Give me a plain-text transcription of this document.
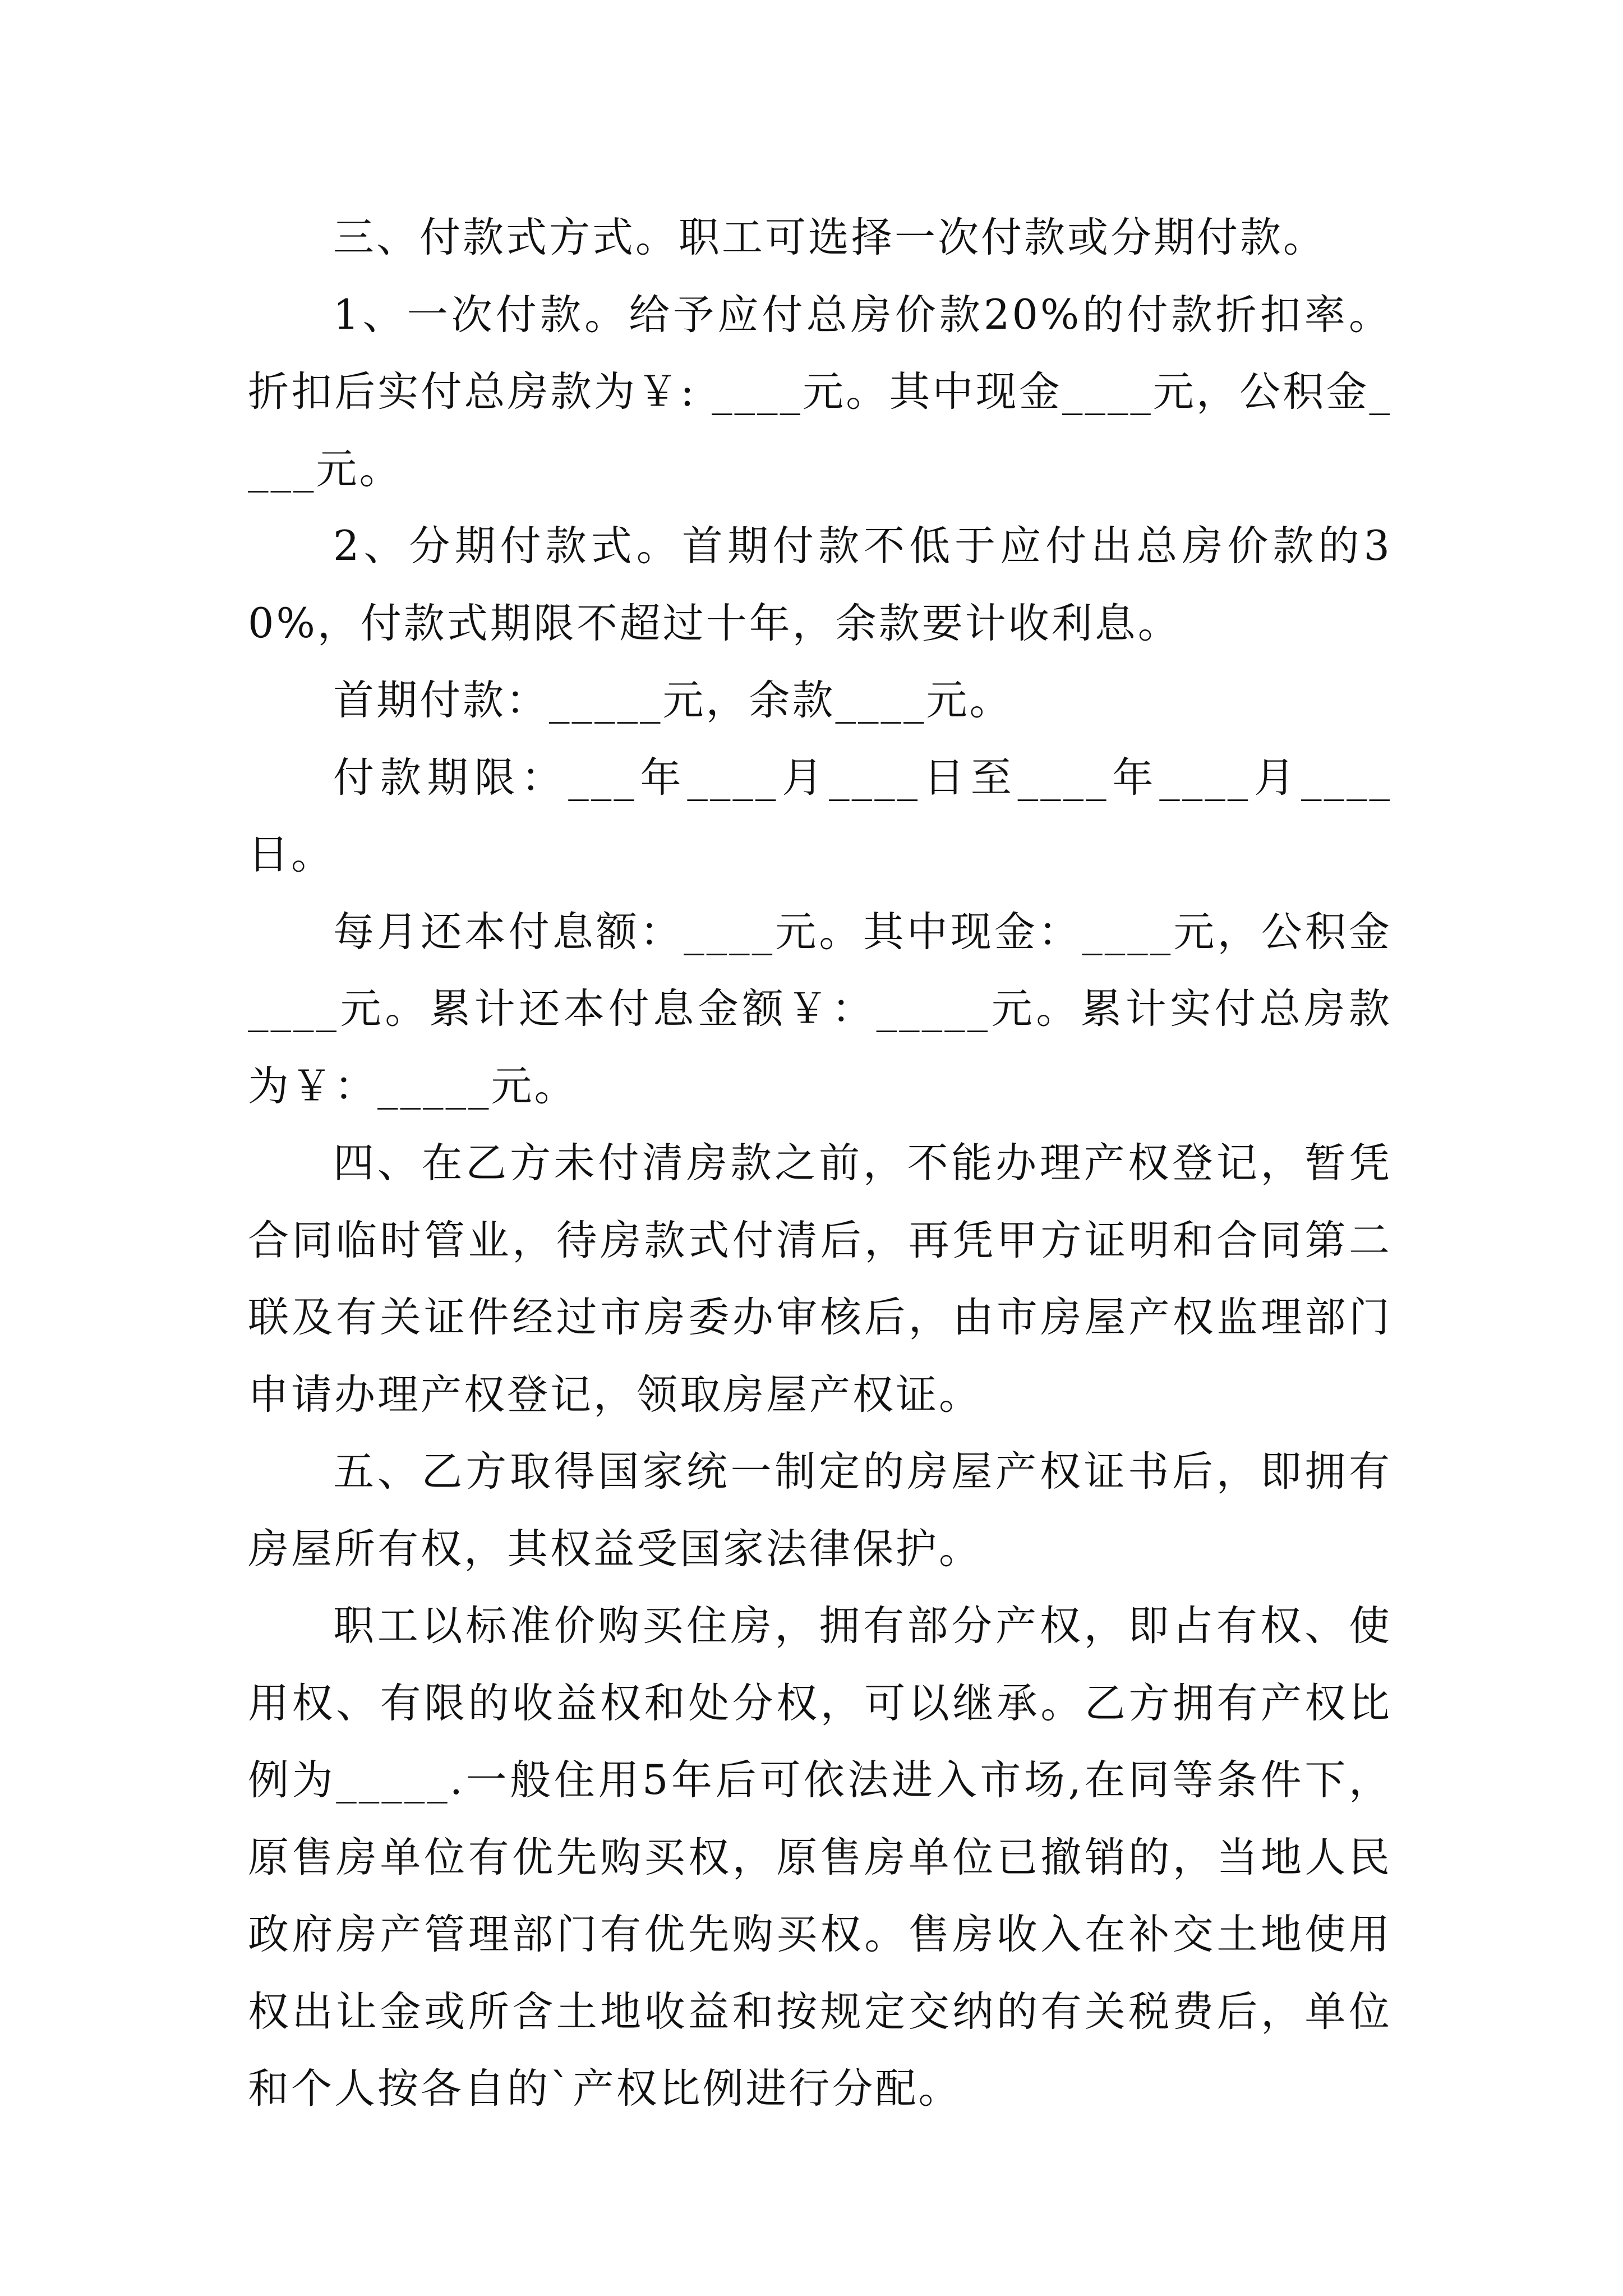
三、付款式方式。职工可选择一次付款或分期付款。

1、一次付款。给予应付总房价款20%的付款折扣率。折扣后实付总房款为￥: ____元。其中现金____元，公积金____元。

2、分期付款式。首期付款不低于应付出总房价款的30%，付款式期限不超过十年，余款要计收利息。

首期付款：_____元，余款____元。

付款期限：___年____月____日至____年____月____日。

每月还本付息额：____元。其中现金：____元，公积金____元。累计还本付息金额￥：_____元。累计实付总房款为￥：_____元。

四、在乙方未付清房款之前，不能办理产权登记，暂凭合同临时管业，待房款式付清后，再凭甲方证明和合同第二联及有关证件经过市房委办审核后，由市房屋产权监理部门申请办理产权登记，领取房屋产权证。

五、乙方取得国家统一制定的房屋产权证书后，即拥有房屋所有权，其权益受国家法律保护。

职工以标准价购买住房，拥有部分产权，即占有权、使用权、有限的收益权和处分权，可以继承。乙方拥有产权比例为_____.一般住用5年后可依法进入市场,在同等条件下，原售房单位有优先购买权，原售房单位已撤销的，当地人民政府房产管理部门有优先购买权。售房收入在补交土地使用权出让金或所含土地收益和按规定交纳的有关税费后，单位和个人按各自的`产权比例进行分配。
